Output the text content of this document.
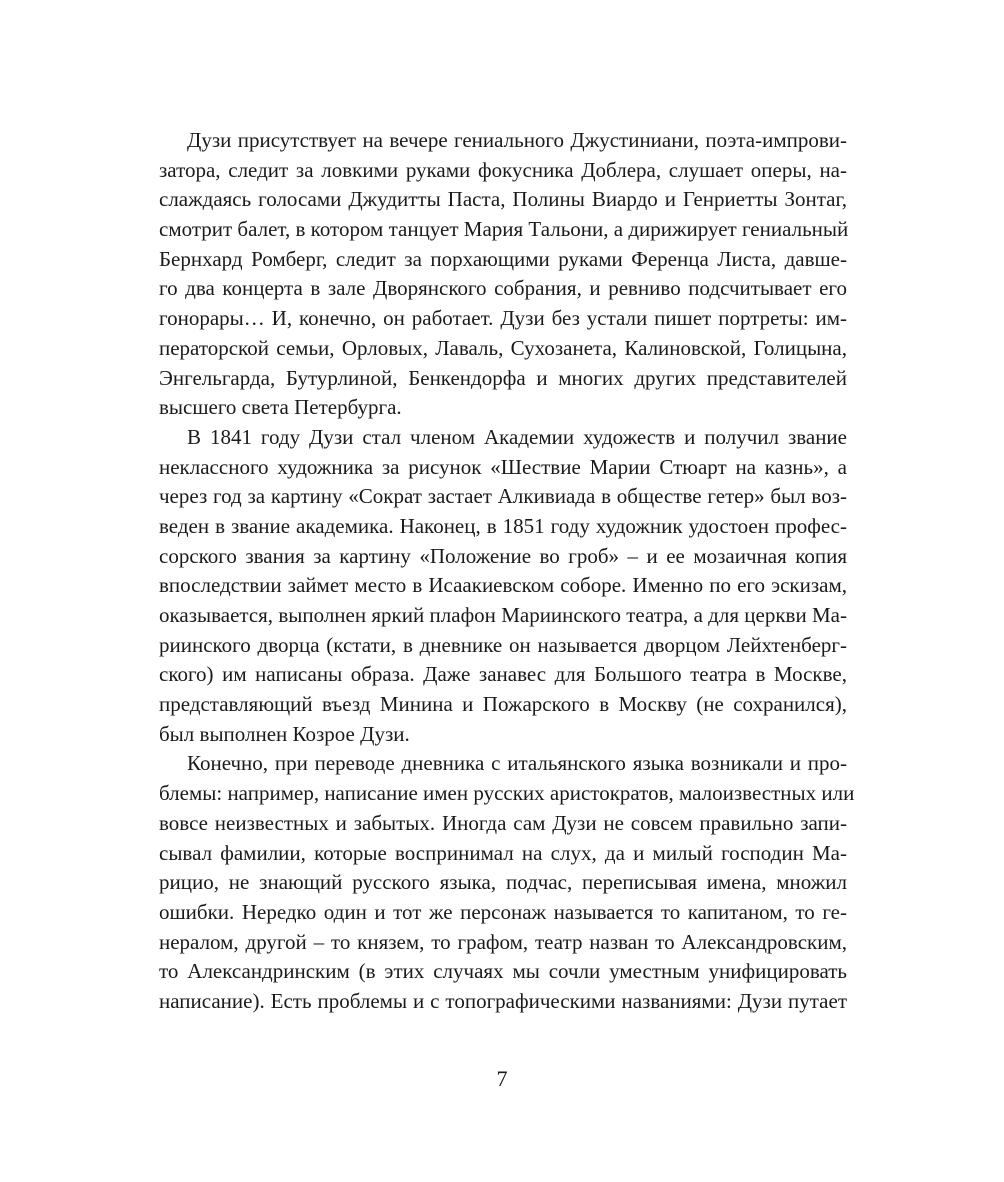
Дузи присутствует на вечере гениального Джустиниани, поэта-импрови-
затора, следит за ловкими руками фокусника Доблера, слушает оперы, на-
слаждаясь голосами Джудитты Паста, Полины Виардо и Генриетты Зонтаг,
смотрит балет, в котором танцует Мария Тальони, а дирижирует гениальный
Бернхард Ромберг, следит за порхающими руками Ференца Листа, давше-
го два концерта в зале Дворянского собрания, и ревниво подсчитывает его
гонорары… И, конечно, он работает. Дузи без устали пишет портреты: им-
ператорской семьи, Орловых, Лаваль, Сухозанета, Калиновской, Голицына,
Энгельгарда, Бутурлиной, Бенкендорфа и многих других представителей
высшего света Петербурга.
В 1841 году Дузи стал членом Академии художеств и получил звание
неклассного художника за рисунок «Шествие Марии Стюарт на казнь», а
через год за картину «Сократ застает Алкивиада в обществе гетер» был воз-
веден в звание академика. Наконец, в 1851 году художник удостоен профес-
сорского звания за картину «Положение во гроб» – и ее мозаичная копия
впоследствии займет место в Исаакиевском соборе. Именно по его эскизам,
оказывается, выполнен яркий плафон Мариинского театра, а для церкви Ма-
риинского дворца (кстати, в дневнике он называется дворцом Лейхтенберг-
ского) им написаны образа. Даже занавес для Большого театра в Москве,
представляющий въезд Минина и Пожарского в Москву (не сохранился),
был выполнен Козрое Дузи.
Конечно, при переводе дневника с итальянского языка возникали и про-
блемы: например, написание имен русских аристократов, малоизвестных или
вовсе неизвестных и забытых. Иногда сам Дузи не совсем правильно запи-
сывал фамилии, которые воспринимал на слух, да и милый господин Ма-
рицио, не знающий русского языка, подчас, переписывая имена, множил
ошибки. Нередко один и тот же персонаж называется то капитаном, то ге-
нералом, другой – то князем, то графом, театр назван то Александровским,
то Александринским (в этих случаях мы сочли уместным унифицировать
написание). Есть проблемы и с топографическими названиями: Дузи путает
7
